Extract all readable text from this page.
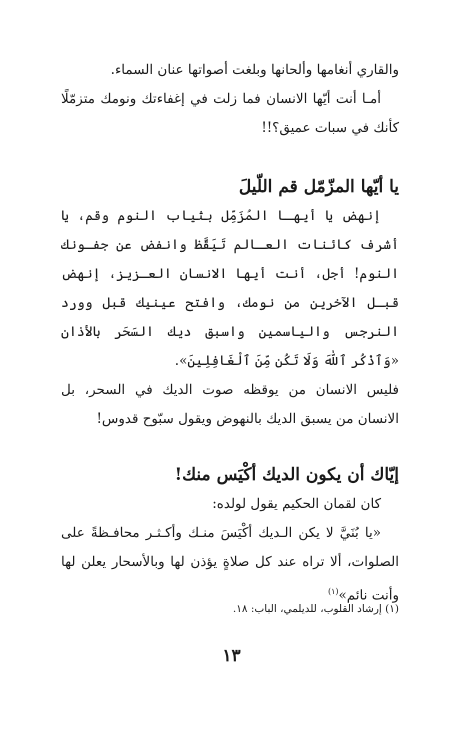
والقاري أنغامها وألحانها وبلغت أصواتها عنان السماء.

أمـا أنت أيّها الانسان فما زلت في إغفاءتك ونومك متزمّلًا كأنك في سبات عميق؟!!

يا أيّها المزّمّل قم اللّيلَ

إنهض يا أيهـا المُزَمِّل بثياب النوم وقم، يا أشرف كائنات العـالم تَيَقَّظ وانفض عن جفـونك النوم! أجل، أنت أيها الانسان العـزيز، إنهض قبـل الآخرين من نومك، وافتح عينيك قبل وورد النرجس والياسمين واسبق ديك السَحَر بالأذان «وَٱذْكُر ٱللّٰهَ وَلَا تَكُن مِّنَ ٱلْغَافِلِينَ».

فليس الانسان من يوقظه صوت الديك في السحر، بل الانسان من يسبق الديك بالنهوض ويقول سبّوح قدوس!

إيّاك أن يكون الديك أكْيَس منك!

كان لقمان الحكيم يقول لولده:

«يا بُنَيَّ لا يكن الـديك أكْيَسَ منـك وأكـثـر محافـظةً على الصلوات، ألا تراه عند كل صلاةٍ يؤذن لها وبالأسحار يعلن لها وأنت نائم»$^{(١)}$

(١) إرشاد القلوب، للديلمي، الباب: ١٨.
١٣
